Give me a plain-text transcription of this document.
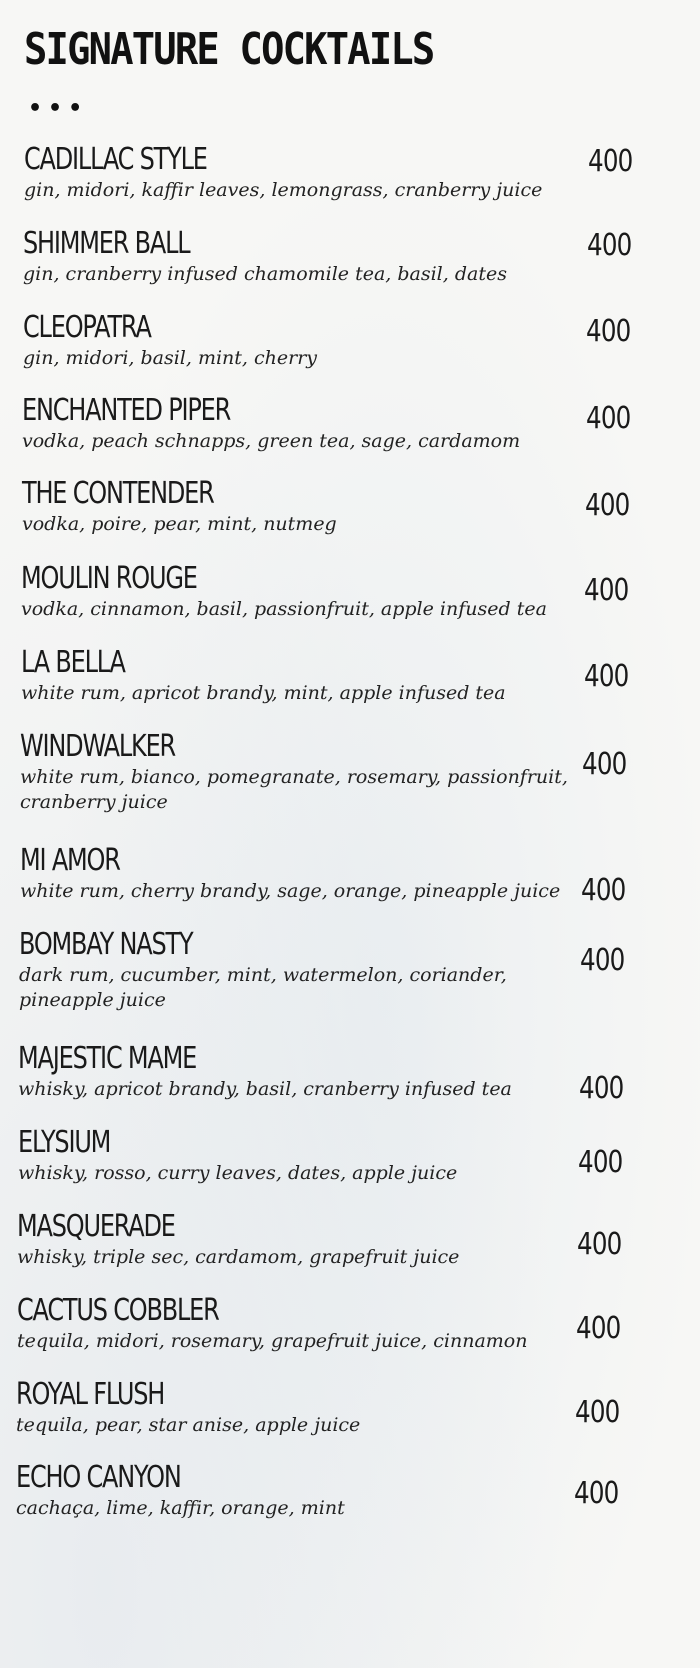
SIGNATURE COCKTAILS
•••
CADILLAC STYLE
gin, midori, kaffir leaves, lemongrass, cranberry juice
400
SHIMMER BALL
gin, cranberry infused chamomile tea, basil, dates
400
CLEOPATRA
gin, midori, basil, mint, cherry
400
ENCHANTED PIPER
vodka, peach schnapps, green tea, sage, cardamom
400
THE CONTENDER
vodka, poire, pear, mint, nutmeg
400
MOULIN ROUGE
vodka, cinnamon, basil, passionfruit, apple infused tea
400
LA BELLA
white rum, apricot brandy, mint, apple infused tea	400
WINDWALKER
white rum, bianco, pomegranate, rosemary, passionfruit, cranberry juice
400
MI AMOR
white rum, cherry brandy, sage, orange, pineapple juice 400
BOMBAY NASTY
dark rum, cucumber, mint, watermelon, coriander, pineapple juice
400
MAJESTIC MAME
whisky, apricot brandy, basil, cranberry infused tea	400
ELYSIUM
whisky, rosso, curry leaves, dates, apple juice	400
MASQUERADE
whisky, triple sec, cardamom, grapefruit juice	400
CACTUS COBBLER
tequila, midori, rosemary, grapefruit juice, cinnamon	400
ROYAL FLUSH
tequila, pear, star anise, apple juice	400
ECHO CANYON
cachaça, lime, kaffir, orange, mint	400
